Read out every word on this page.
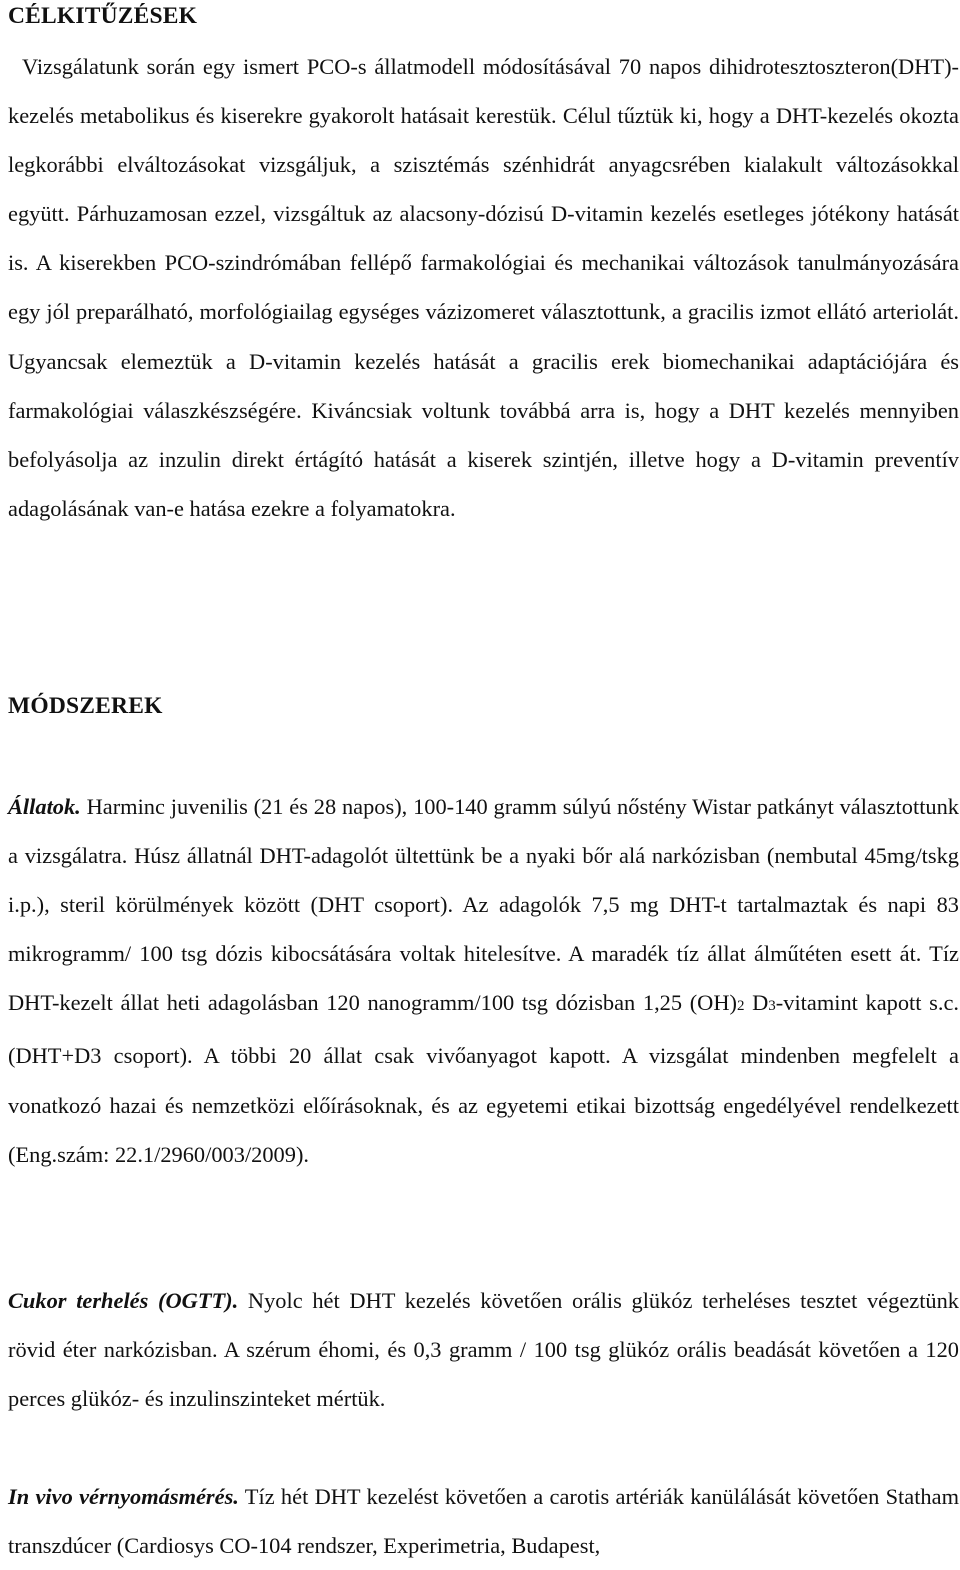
CÉLKITŰZÉSEK

Vizsgálatunk során egy ismert PCO-s állatmodell módosításával 70 napos dihidrotesztoszteron(DHT)-kezelés metabolikus és kiserekre gyakorolt hatásait kerestük. Célul tűztük ki, hogy a DHT-kezelés okozta legkorábbi elváltozásokat vizsgáljuk, a szisztémás szénhidrát anyagcsrében kialakult változásokkal együtt. Párhuzamosan ezzel, vizsgáltuk az alacsony-dózisú D-vitamin kezelés esetleges jótékony hatását is. A kiserekben PCO-szindrómában fellépő farmakológiai és mechanikai változások tanulmányozására egy jól preparálható, morfológiailag egységes vázizomeret választottunk, a gracilis izmot ellátó arteriolát. Ugyancsak elemeztük a D-vitamin kezelés hatását a gracilis erek biomechanikai adaptációjára és farmakológiai válaszkészségére. Kiváncsiak voltunk továbbá arra is, hogy a DHT kezelés mennyiben befolyásolja az inzulin direkt értágító hatását a kiserek szintjén, illetve hogy a D-vitamin preventív adagolásának van-e hatása ezekre a folyamatokra.

MÓDSZEREK

Állatok. Harminc juvenilis (21 és 28 napos), 100-140 gramm súlyú nőstény Wistar patkányt választottunk a vizsgálatra. Húsz állatnál DHT-adagolót ültettünk be a nyaki bőr alá narkózisban (nembutal 45mg/tskg i.p.), steril körülmények között (DHT csoport). Az adagolók 7,5 mg DHT-t tartalmaztak és napi 83 mikrogramm/ 100 tsg dózis kibocsátására voltak hitelesítve. A maradék tíz állat álműtéten esett át. Tíz DHT-kezelt állat heti adagolásban 120 nanogramm/100 tsg dózisban 1,25 (OH)2 D3-vitamint kapott s.c.(DHT+D3 csoport). A többi 20 állat csak vivőanyagot kapott. A vizsgálat mindenben megfelelt a vonatkozó hazai és nemzetközi előírásoknak, és az egyetemi etikai bizottság engedélyével rendelkezett (Eng.szám: 22.1/2960/003/2009).

Cukor terhelés (OGTT). Nyolc hét DHT kezelés követően orális glükóz terheléses tesztet végeztünk rövid éter narkózisban. A szérum éhomi, és 0,3 gramm / 100 tsg glükóz orális beadását követően a 120 perces glükóz- és inzulinszinteket mértük.

In vivo vérnyomásmérés. Tíz hét DHT kezelést követően a carotis artériák kanülálását követően Statham transzdúcer (Cardiosys CO-104 rendszer, Experimetria, Budapest,
